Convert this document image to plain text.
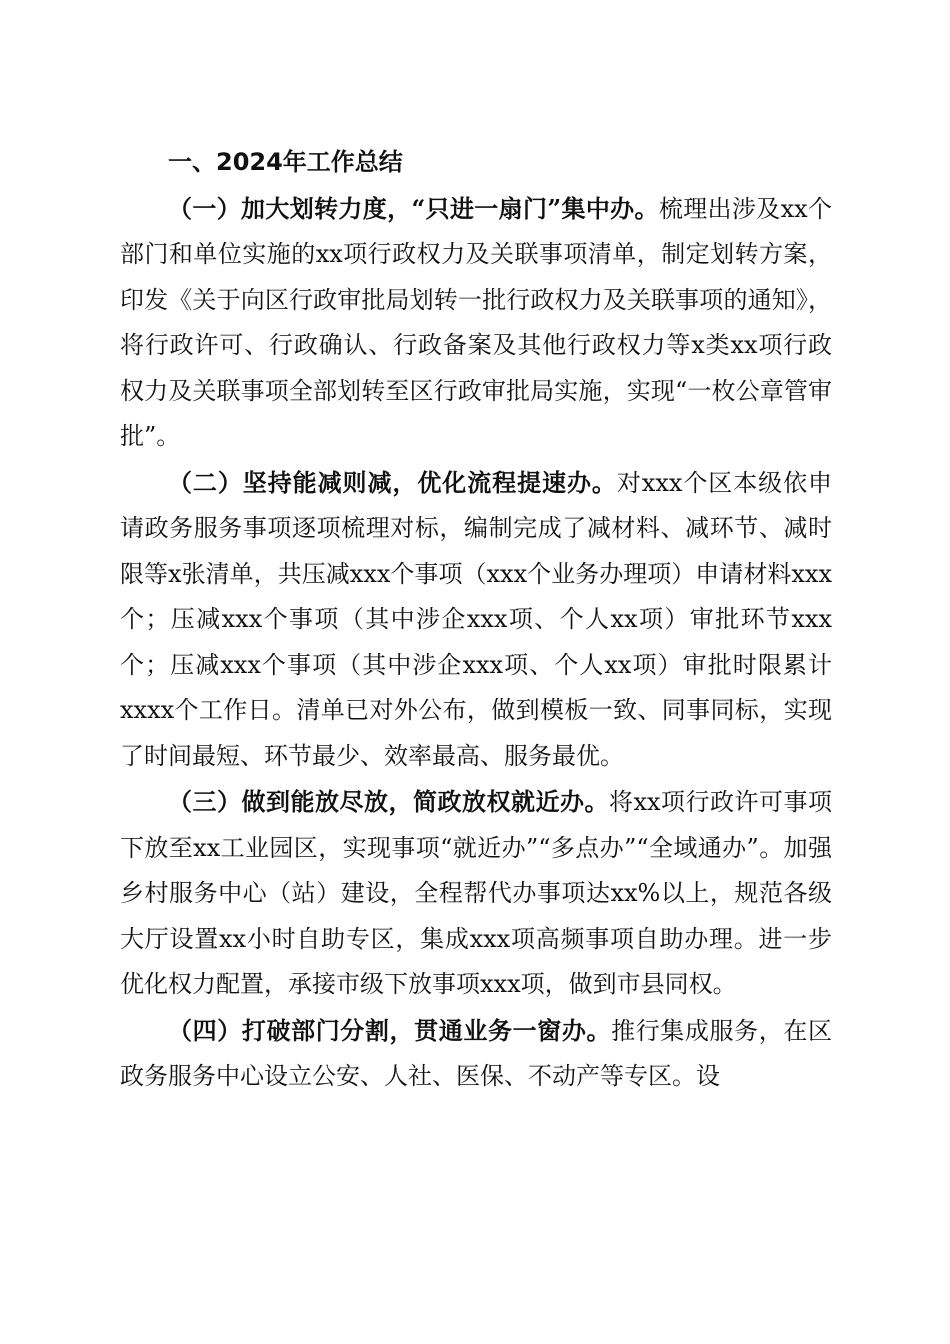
一、2024年工作总结

（一）加大划转力度，“只进一扇门”集中办。梳理出涉及xx个部门和单位实施的xx项行政权力及关联事项清单，制定划转方案，印发《关于向区行政审批局划转一批行政权力及关联事项的通知》，将行政许可、行政确认、行政备案及其他行政权力等x类xx项行政权力及关联事项全部划转至区行政审批局实施，实现“一枚公章管审批”。

（二）坚持能减则减，优化流程提速办。对xxx个区本级依申请政务服务事项逐项梳理对标，编制完成了减材料、减环节、减时限等x张清单，共压减xxx个事项（xxx个业务办理项）申请材料xxx个；压减xxx个事项（其中涉企xxx项、个人xx项）审批环节xxx个；压减xxx个事项（其中涉企xxx项、个人xx项）审批时限累计xxxx个工作日。清单已对外公布，做到模板一致、同事同标，实现了时间最短、环节最少、效率最高、服务最优。

（三）做到能放尽放，简政放权就近办。将xx项行政许可事项下放至xx工业园区，实现事项“就近办”“多点办”“全域通办”。加强乡村服务中心（站）建设，全程帮代办事项达xx%以上，规范各级大厅设置xx小时自助专区，集成xxx项高频事项自助办理。进一步优化权力配置，承接市级下放事项xxx项，做到市县同权。

（四）打破部门分割，贯通业务一窗办。推行集成服务，在区政务服务中心设立公安、人社、医保、不动产等专区。设
